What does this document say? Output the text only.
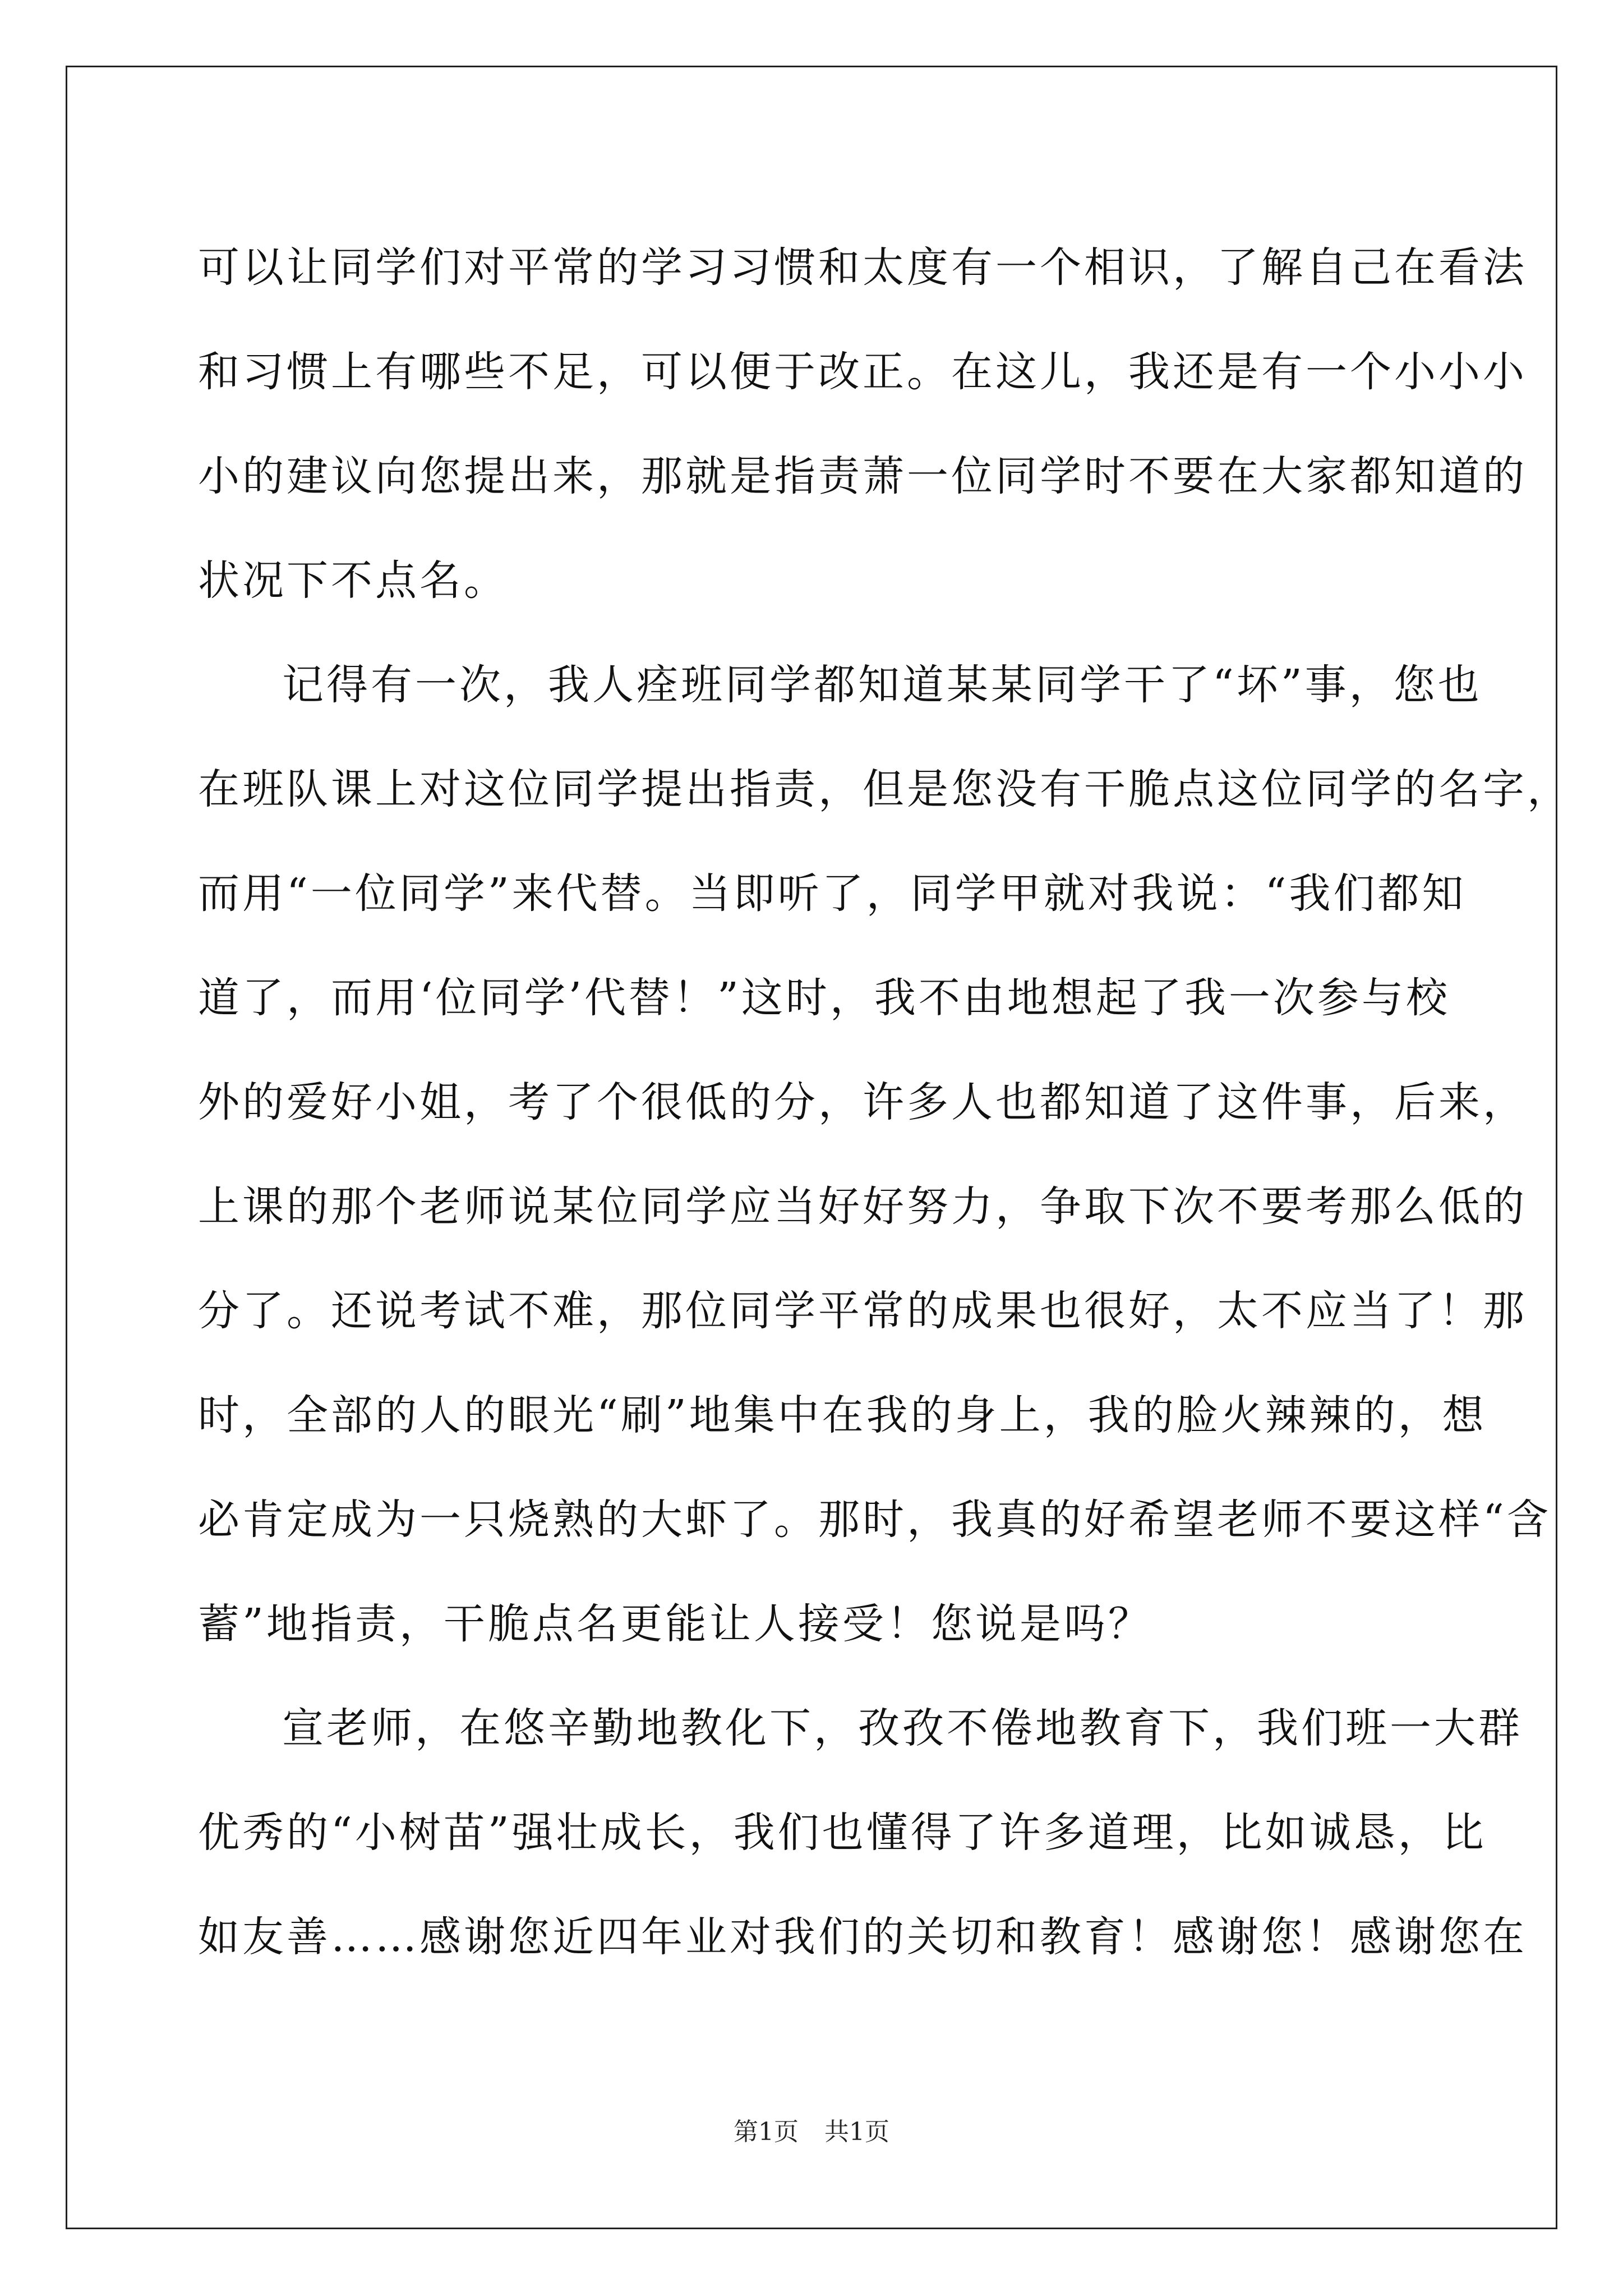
可以让同学们对平常的学习习惯和太度有一个相识，了解自己在看法
和习惯上有哪些不足，可以便于改正。在这儿，我还是有一个小小小
小的建议向您提出来，那就是指责萧一位同学时不要在大家都知道的
状况下不点名。
记得有一次，我人痊班同学都知道某某同学干了“坏”事，您也
在班队课上对这位同学提出指责，但是您没有干脆点这位同学的名字，
而用“一位同学”来代替。当即听了，同学甲就对我说：“我们都知
道了，而用‘位同学’代替！”这时，我不由地想起了我一次参与校
外的爱好小姐，考了个很低的分，许多人也都知道了这件事，后来，
上课的那个老师说某位同学应当好好努力，争取下次不要考那么低的
分了。还说考试不难，那位同学平常的成果也很好，太不应当了！那
时，全部的人的眼光“刷”地集中在我的身上，我的脸火辣辣的，想
必肯定成为一只烧熟的大虾了。那时，我真的好希望老师不要这样“含
蓄”地指责，干脆点名更能让人接受！您说是吗？
宣老师，在悠辛勤地教化下，孜孜不倦地教育下，我们班一大群
优秀的“小树苗”强壮成长，我们也懂得了许多道理，比如诚恳，比
如友善……感谢您近四年业对我们的关切和教育！感谢您！感谢您在
第1页 共1页
